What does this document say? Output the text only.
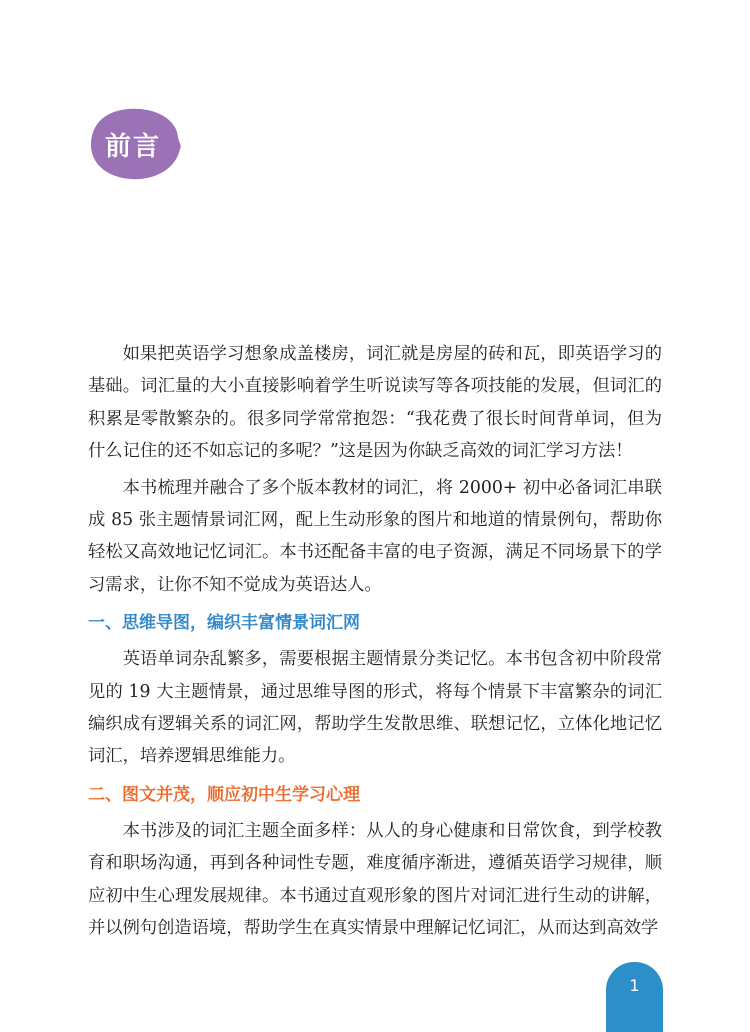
前言

如果把英语学习想象成盖楼房，词汇就是房屋的砖和瓦，即英语学习的基础。词汇量的大小直接影响着学生听说读写等各项技能的发展，但词汇的积累是零散繁杂的。很多同学常常抱怨：“我花费了很长时间背单词，但为什么记住的还不如忘记的多呢？”这是因为你缺乏高效的词汇学习方法！

本书梳理并融合了多个版本教材的词汇，将 2000+ 初中必备词汇串联成 85 张主题情景词汇网，配上生动形象的图片和地道的情景例句，帮助你轻松又高效地记忆词汇。本书还配备丰富的电子资源，满足不同场景下的学习需求，让你不知不觉成为英语达人。

一、思维导图，编织丰富情景词汇网

英语单词杂乱繁多，需要根据主题情景分类记忆。本书包含初中阶段常见的 19 大主题情景，通过思维导图的形式，将每个情景下丰富繁杂的词汇编织成有逻辑关系的词汇网，帮助学生发散思维、联想记忆，立体化地记忆词汇，培养逻辑思维能力。

二、图文并茂，顺应初中生学习心理

本书涉及的词汇主题全面多样：从人的身心健康和日常饮食，到学校教育和职场沟通，再到各种词性专题，难度循序渐进，遵循英语学习规律，顺应初中生心理发展规律。本书通过直观形象的图片对词汇进行生动的讲解，并以例句创造语境，帮助学生在真实情景中理解记忆词汇，从而达到高效学

1
